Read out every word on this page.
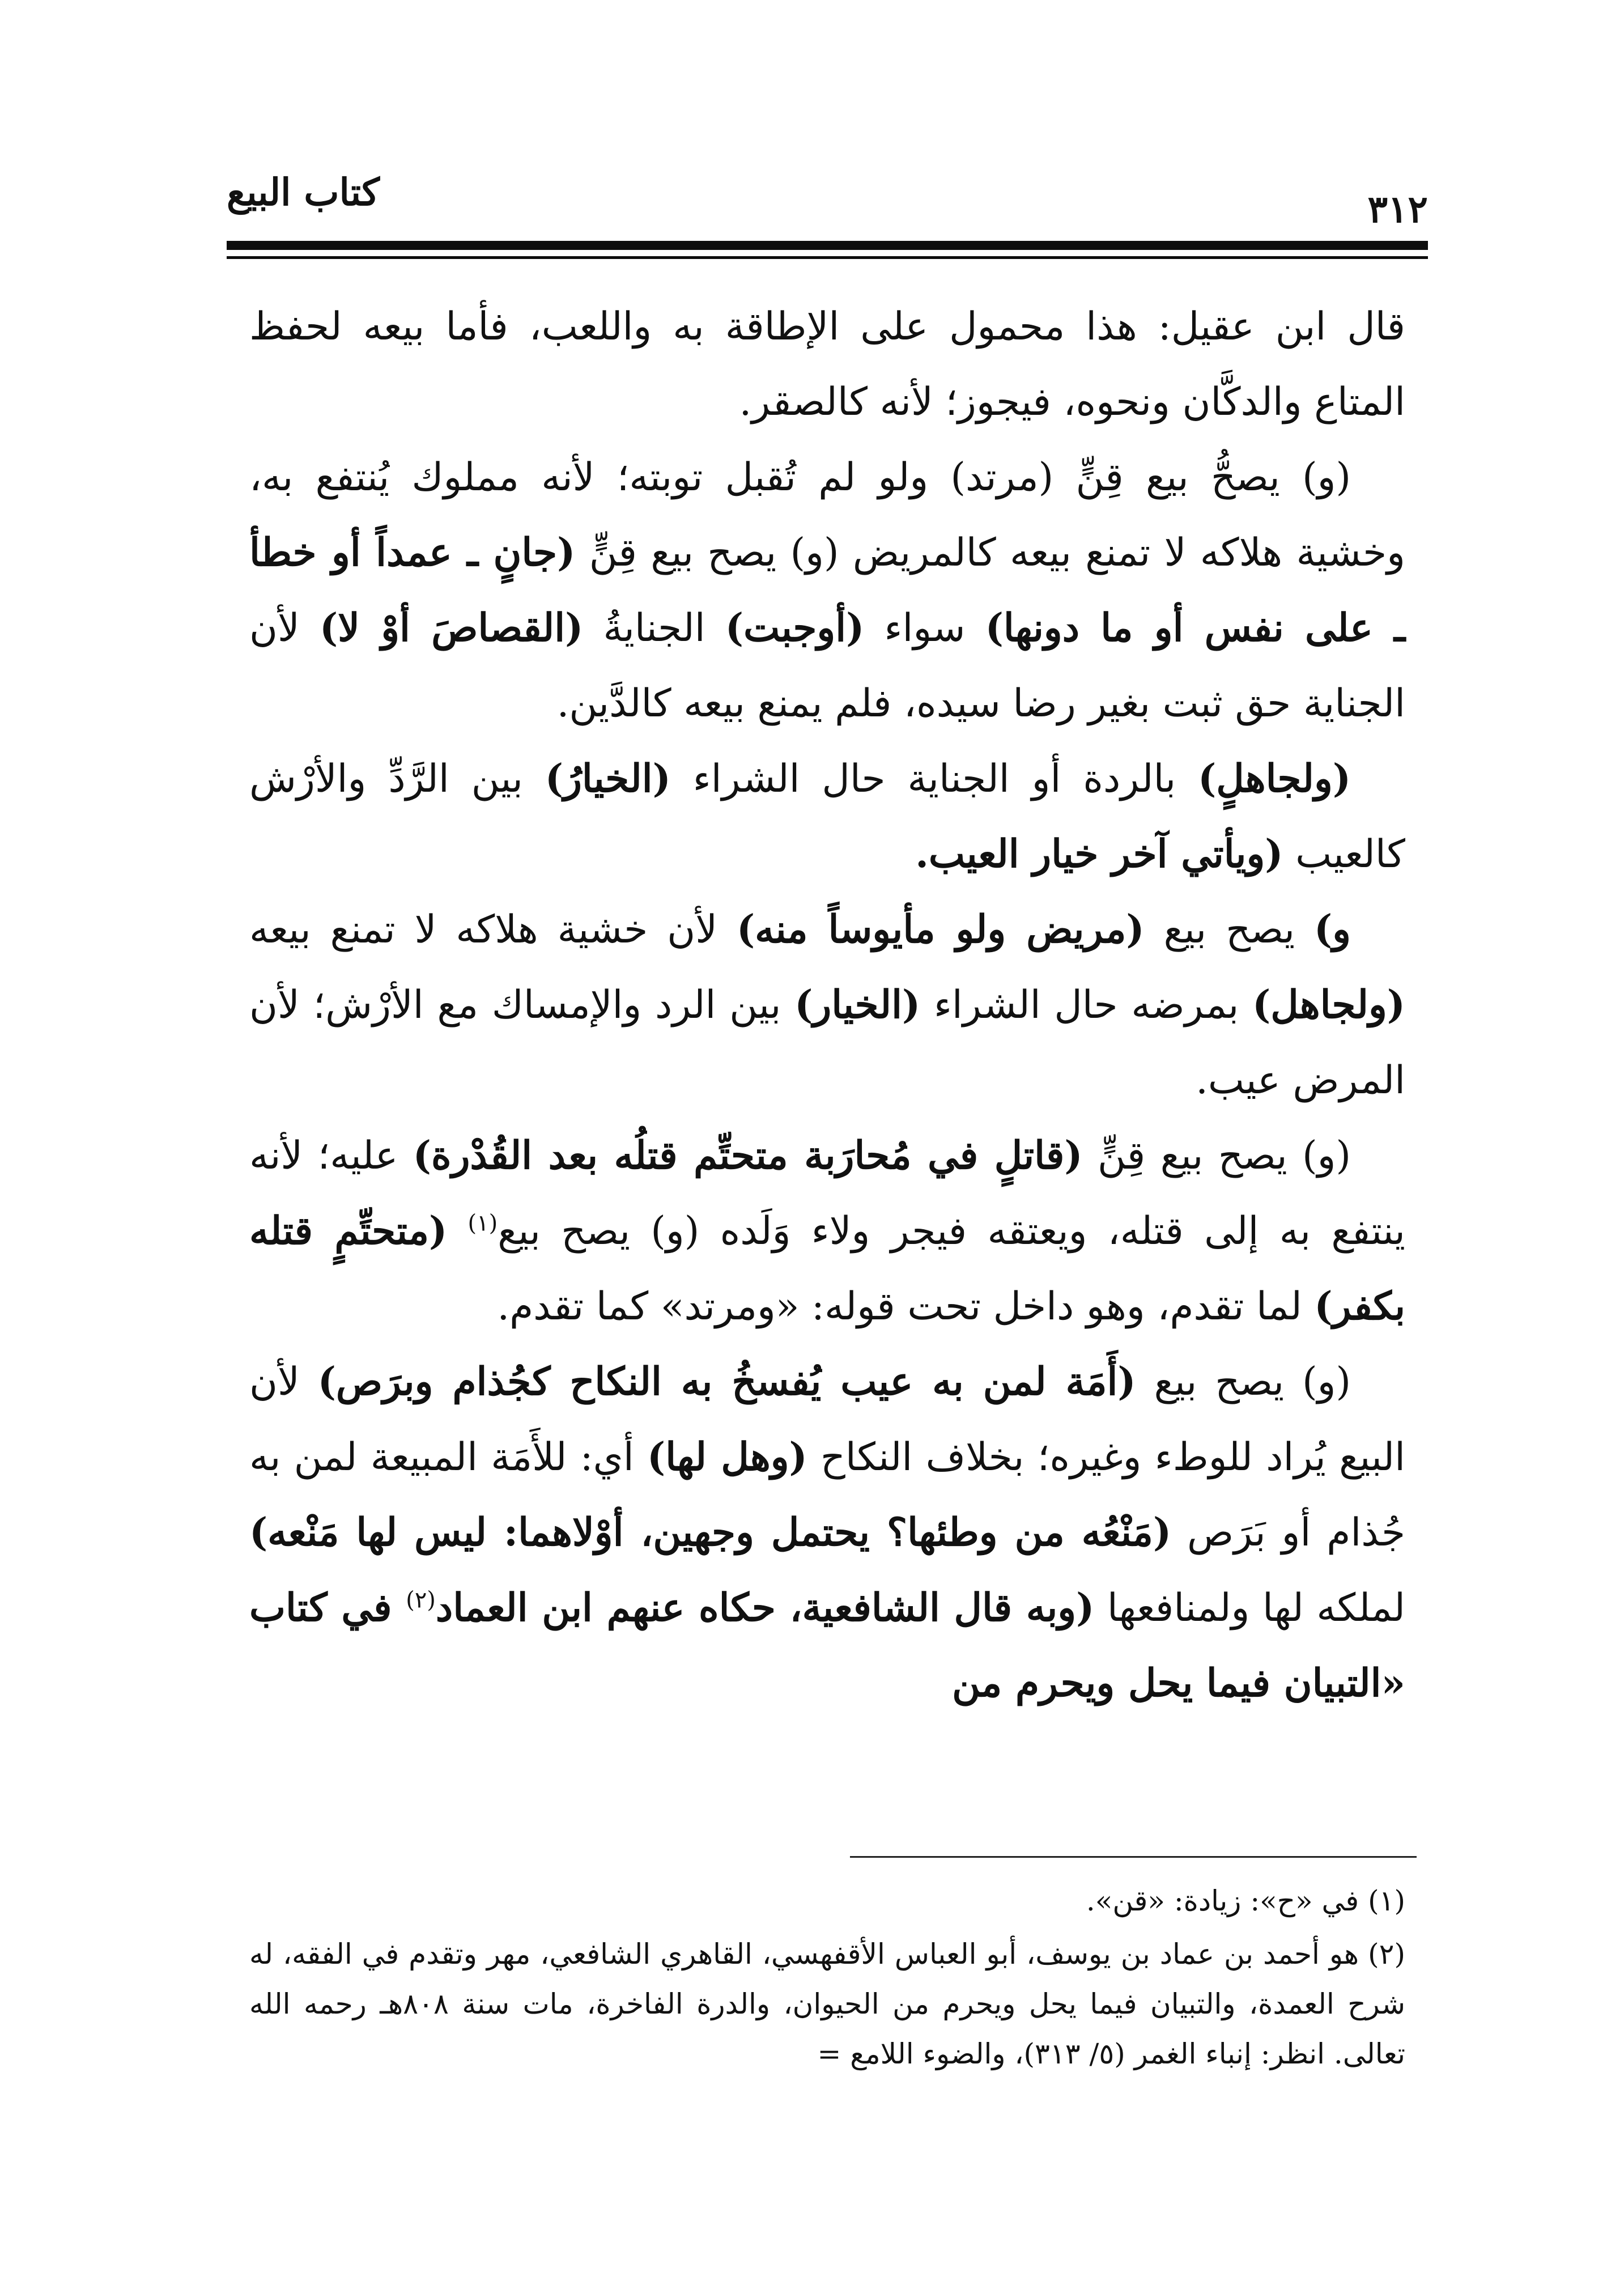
كتاب البيع	٣١٢

قال ابن عقيل: هذا محمول على الإطاقة به واللعب، فأما بيعه لحفظ المتاع والدكَّان ونحوه، فيجوز؛ لأنه كالصقر.

(و) يصحُّ بيع قِنٍّ (مرتد) ولو لم تُقبل توبته؛ لأنه مملوك يُنتفع به، وخشية هلاكه لا تمنع بيعه كالمريض (و) يصح بيع قِنٍّ (جانٍ ـ عمداً أو خطأ ـ على نفس أو ما دونها) سواء (أوجبت) الجنايةُ (القصاصَ أوْ لا) لأن الجناية حق ثبت بغير رضا سيده، فلم يمنع بيعه كالدَّين.

(ولجاهلٍ) بالردة أو الجناية حال الشراء (الخيارُ) بين الرَّدِّ والأرْش كالعيب (ويأتي آخر خيار العيب.

و) يصح بيع (مريض ولو مأيوساً منه) لأن خشية هلاكه لا تمنع بيعه (ولجاهل) بمرضه حال الشراء (الخيار) بين الرد والإمساك مع الأرْش؛ لأن المرض عيب.

(و) يصح بيع قِنٍّ (قاتلٍ في مُحارَبة متحتِّم قتلُه بعد القُدْرة) عليه؛ لأنه ينتفع به إلى قتله، ويعتقه فيجر ولاء وَلَده (و) يصح بيع$^{(١)}$ (متحتِّمٍ قتله بكفر) لما تقدم، وهو داخل تحت قوله: «ومرتد» كما تقدم.

(و) يصح بيع (أَمَة لمن به عيب يُفسخُ به النكاح كجُذام وبرَص) لأن البيع يُراد للوطء وغيره؛ بخلاف النكاح (وهل لها) أي: للأَمَة المبيعة لمن به جُذام أو بَرَص (مَنْعُه من وطئها؟ يحتمل وجهين، أوْلاهما: ليس لها مَنْعه) لملكه لها ولمنافعها (وبه قال الشافعية، حكاه عنهم ابن العماد$^{(٢)}$ في كتاب «التبيان فيما يحل ويحرم من

(١)في «ح»: زيادة: «قن».

(٢)هو أحمد بن عماد بن يوسف، أبو العباس الأقفهسي، القاهري الشافعي، مهر وتقدم في الفقه، له شرح العمدة، والتبيان فيما يحل ويحرم من الحيوان، والدرة الفاخرة، مات سنة ٨٠٨هـ رحمه الله تعالى. انظر: إنباء الغمر (٥/ ٣١٣)، والضوء اللامع =
